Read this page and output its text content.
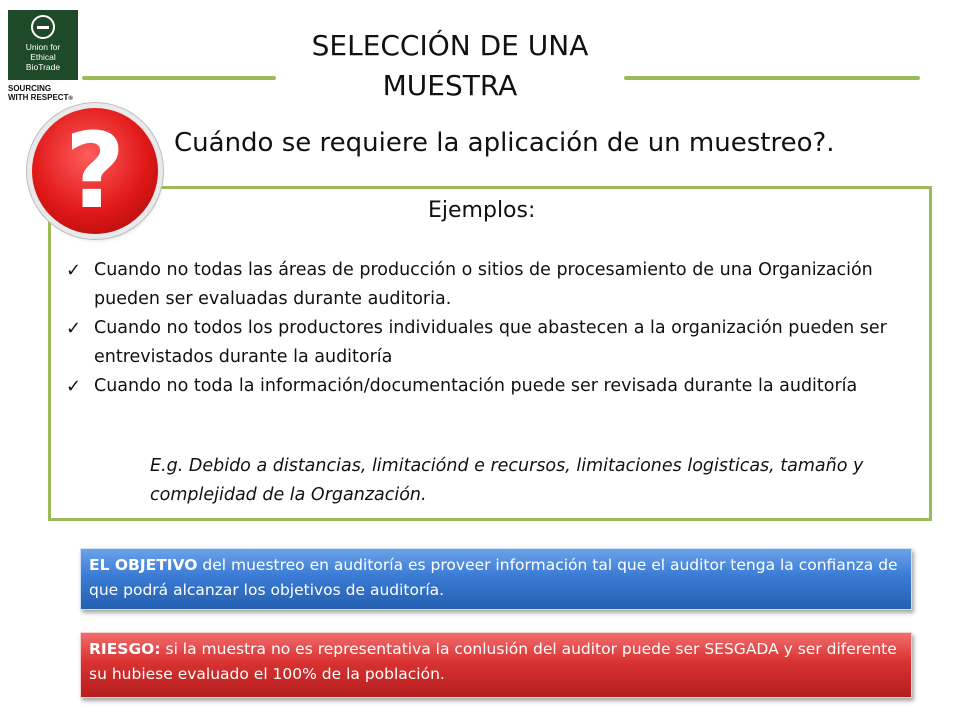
Union for
Ethical
BioTrade
SOURCING
WITH RESPECT®
SELECCIÓN DE UNA
MUESTRA
?	Cuándo se requiere la aplicación de un muestreo?.
Ejemplos:
✓ Cuando no todas las áreas de producción o sitios de procesamiento de una Organización pueden ser evaluadas durante auditoria.
✓ Cuando no todos los productores individuales que abastecen a la organización pueden ser entrevistados durante la auditoría
✓ Cuando no toda la información/documentación puede ser revisada durante la auditoría
E.g. Debido a distancias, limitaciónd e recursos, limitaciones logisticas, tamaño y complejidad de la Organzación.
EL OBJETIVO del muestreo en auditoría es proveer información tal que el auditor tenga la confianza de que podrá alcanzar los objetivos de auditoría.
RIESGO: si la muestra no es representativa la conlusión del auditor puede ser SESGADA y ser diferente su hubiese evaluado el 100% de la población.
